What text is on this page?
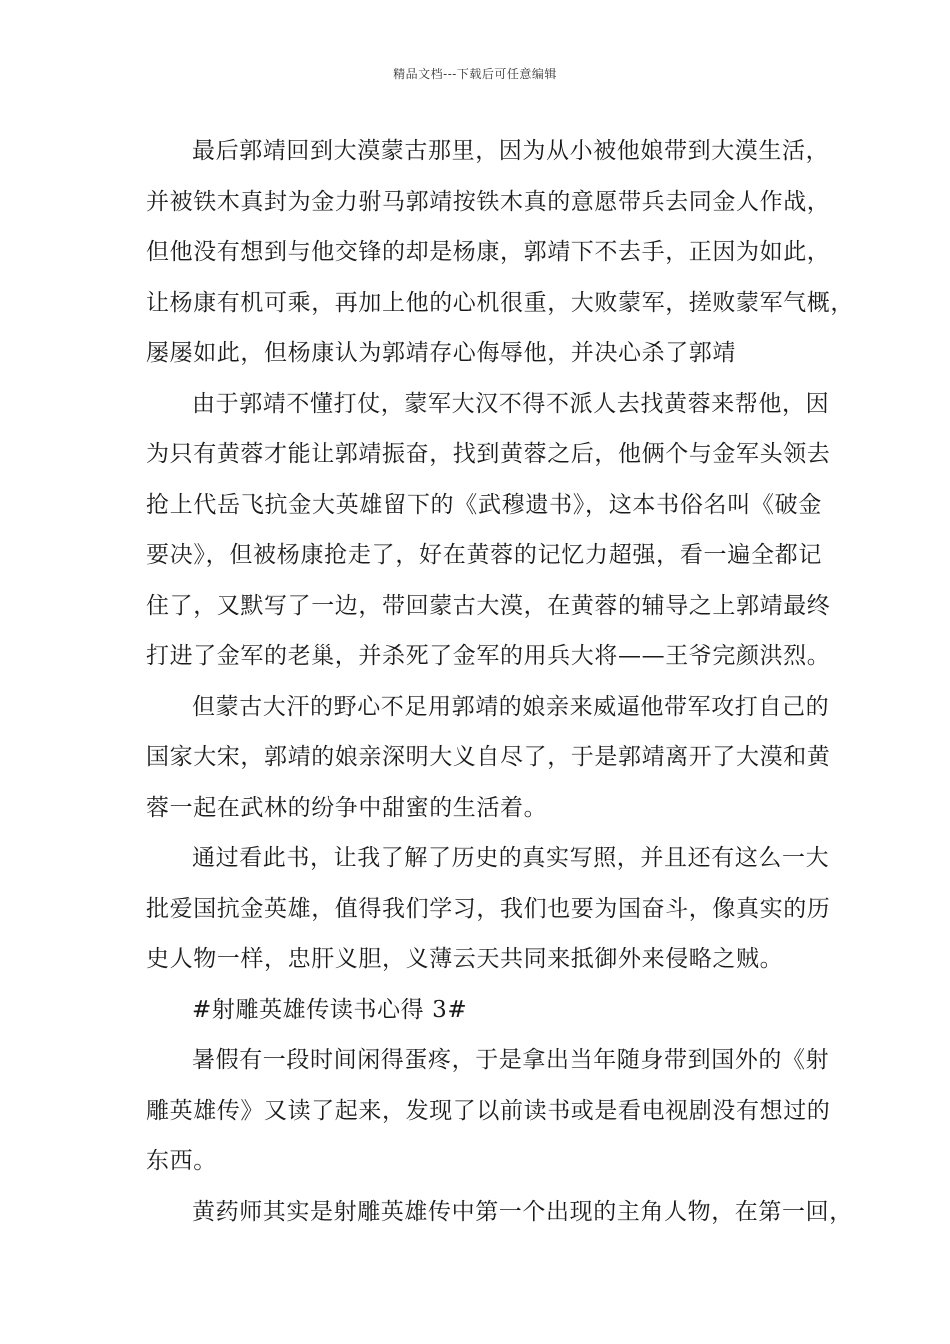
精品文档---下载后可任意编辑
最后郭靖回到大漠蒙古那里，因为从小被他娘带到大漠生活，
并被铁木真封为金力驸马郭靖按铁木真的意愿带兵去同金人作战，
但他没有想到与他交锋的却是杨康，郭靖下不去手，正因为如此，
让杨康有机可乘，再加上他的心机很重，大败蒙军，搓败蒙军气概，
屡屡如此，但杨康认为郭靖存心侮辱他，并决心杀了郭靖
由于郭靖不懂打仗，蒙军大汉不得不派人去找黄蓉来帮他，因
为只有黄蓉才能让郭靖振奋，找到黄蓉之后，他俩个与金军头领去
抢上代岳飞抗金大英雄留下的《武穆遗书》，这本书俗名叫《破金
要决》，但被杨康抢走了，好在黄蓉的记忆力超强，看一遍全都记
住了，又默写了一边，带回蒙古大漠，在黄蓉的辅导之上郭靖最终
打进了金军的老巢，并杀死了金军的用兵大将——王爷完颜洪烈。
但蒙古大汗的野心不足用郭靖的娘亲来威逼他带军攻打自己的
国家大宋，郭靖的娘亲深明大义自尽了，于是郭靖离开了大漠和黄
蓉一起在武林的纷争中甜蜜的生活着。
通过看此书，让我了解了历史的真实写照，并且还有这么一大
批爱国抗金英雄，值得我们学习，我们也要为国奋斗，像真实的历
史人物一样，忠肝义胆，义薄云天共同来抵御外来侵略之贼。
#射雕英雄传读书心得 3#
暑假有一段时间闲得蛋疼，于是拿出当年随身带到国外的《射
雕英雄传》又读了起来，发现了以前读书或是看电视剧没有想过的
东西。
黄药师其实是射雕英雄传中第一个出现的主角人物，在第一回，
